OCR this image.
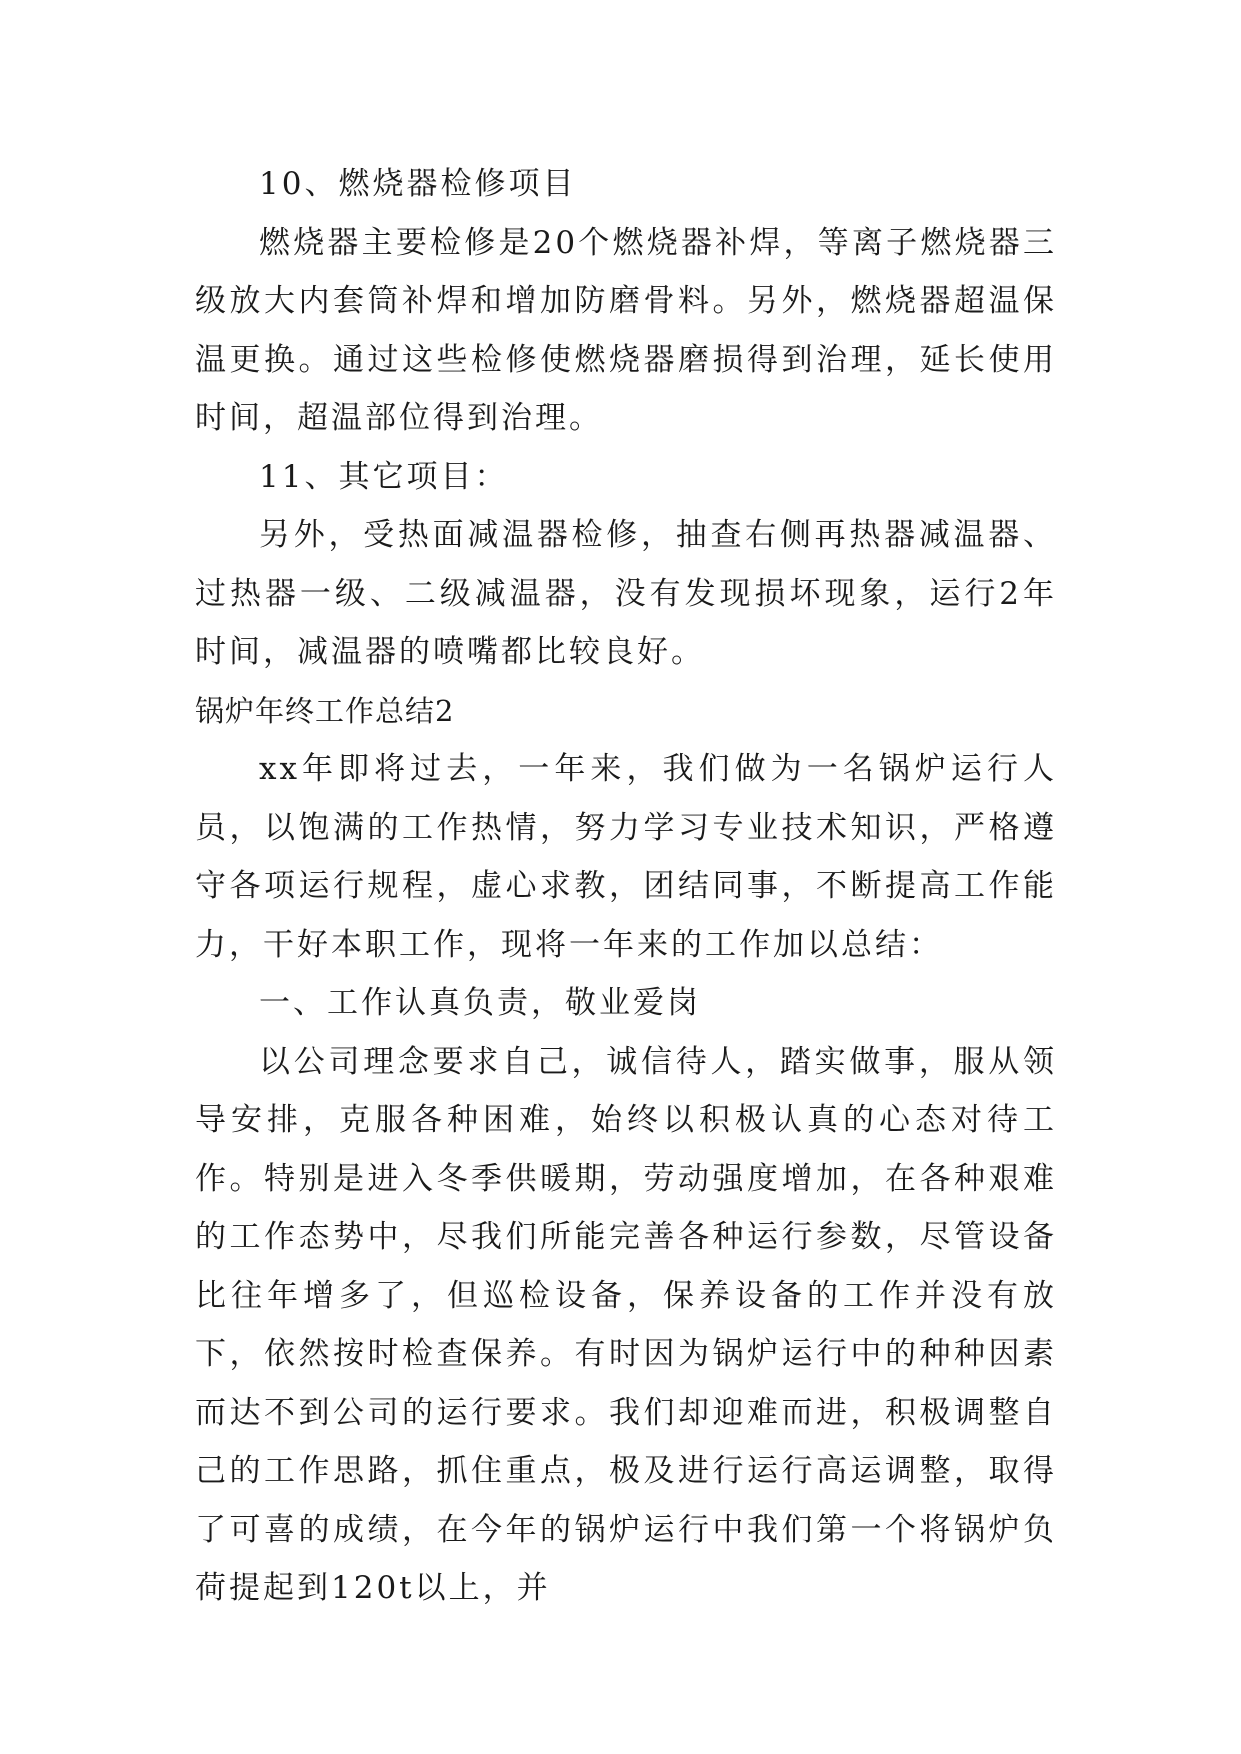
10、燃烧器检修项目

燃烧器主要检修是20个燃烧器补焊，等离子燃烧器三级放大内套筒补焊和增加防磨骨料。另外，燃烧器超温保温更换。通过这些检修使燃烧器磨损得到治理，延长使用时间，超温部位得到治理。

11、其它项目：

另外，受热面减温器检修，抽查右侧再热器减温器、过热器一级、二级减温器，没有发现损坏现象，运行2年时间，减温器的喷嘴都比较良好。

锅炉年终工作总结2

xx年即将过去，一年来，我们做为一名锅炉运行人员，以饱满的工作热情，努力学习专业技术知识，严格遵守各项运行规程，虚心求教，团结同事，不断提高工作能力，干好本职工作，现将一年来的工作加以总结：

一、工作认真负责，敬业爱岗

以公司理念要求自己，诚信待人，踏实做事，服从领导安排，克服各种困难，始终以积极认真的心态对待工作。特别是进入冬季供暖期，劳动强度增加，在各种艰难的工作态势中，尽我们所能完善各种运行参数，尽管设备比往年增多了，但巡检设备，保养设备的工作并没有放下，依然按时检查保养。有时因为锅炉运行中的种种因素而达不到公司的运行要求。我们却迎难而进，积极调整自己的工作思路，抓住重点，极及进行运行高运调整，取得了可喜的成绩，在今年的锅炉运行中我们第一个将锅炉负荷提起到120t以上，并
